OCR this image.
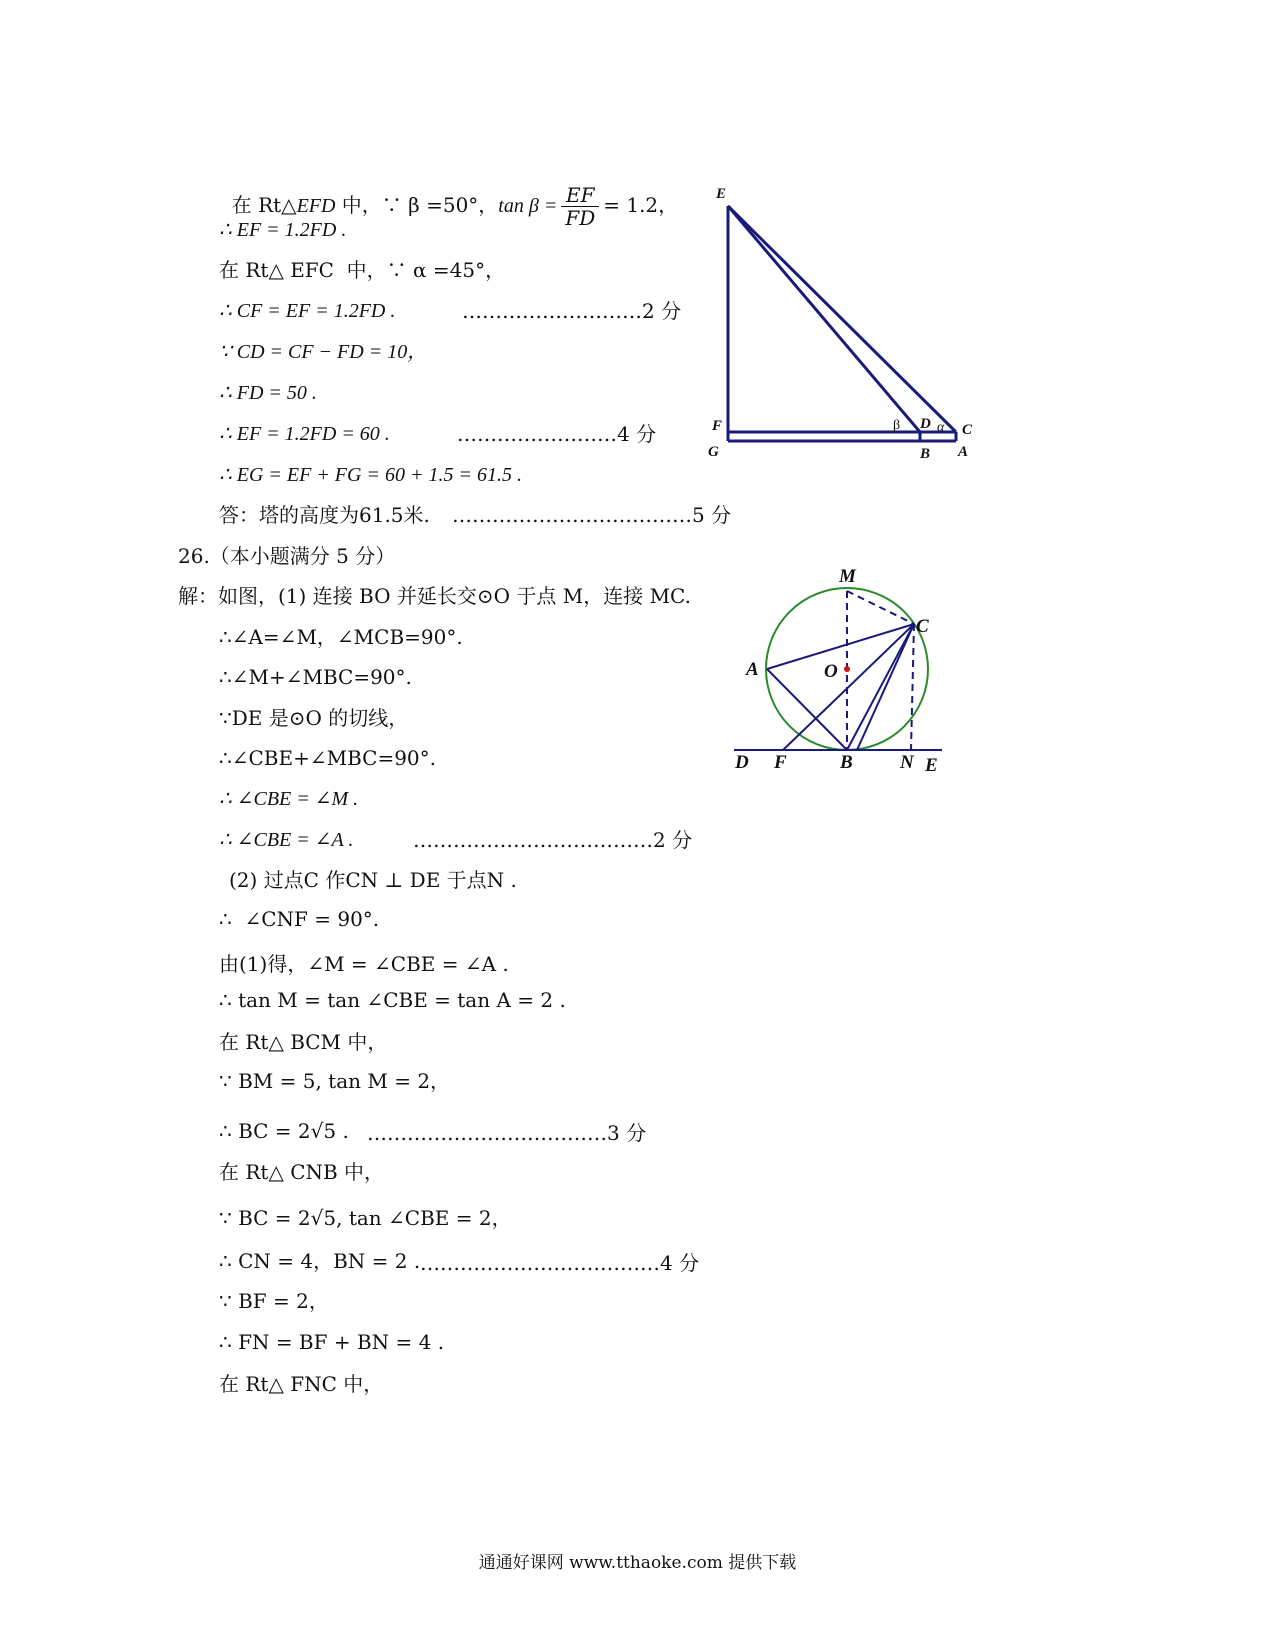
在 Rt△EFD 中，∵ β =50°，$\tan \beta = \frac{EF}{FD} = 1.2$，

∴ EF = 1.2FD .
在 Rt△ EFC  中，∵ α =45°，
∴ CF = EF = 1.2FD .	………………………2 分
∵ CD = CF − FD = 10，
∴ FD = 50 .
∴ EF = 1.2FD = 60 .	……………………4 分
∴ EG = EF + FG = 60 + 1.5 = 61.5 .
答：塔的高度为61.5米. ………………………………5 分
26.（本小题满分 5 分）
解：如图，(1) 连接 BO 并延长交⊙O 于点 M，连接 MC.
∴∠A=∠M，∠MCB=90°.
∴∠M+∠MBC=90°.
∵DE 是⊙O 的切线，
∴∠CBE+∠MBC=90°.
∴ ∠CBE = ∠M .
∴ ∠CBE = ∠A .	………………………………2 分
(2) 过点C 作CN ⊥ DE 于点N .
∴  ∠CNF = 90°.
由(1)得，∠M = ∠CBE = ∠A .
∴ tan M = tan ∠CBE = tan A = 2 .
在 Rt△ BCM 中，
∵ BM = 5, tan M = 2，
∴ BC = 2√5 . ………………………………3 分
在 Rt△ CNB 中，
∵ BC = 2√5, tan ∠CBE = 2，
∴ CN = 4，BN = 2 . ………………………………4 分
∵ BF = 2，
∴ FN = BF + BN = 4 .
在 Rt△ FNC 中，
E
F
G	B A
C
D
β	α
M
C
A	O
D F	B N E
通通好课网 www.tthaoke.com 提供下载
